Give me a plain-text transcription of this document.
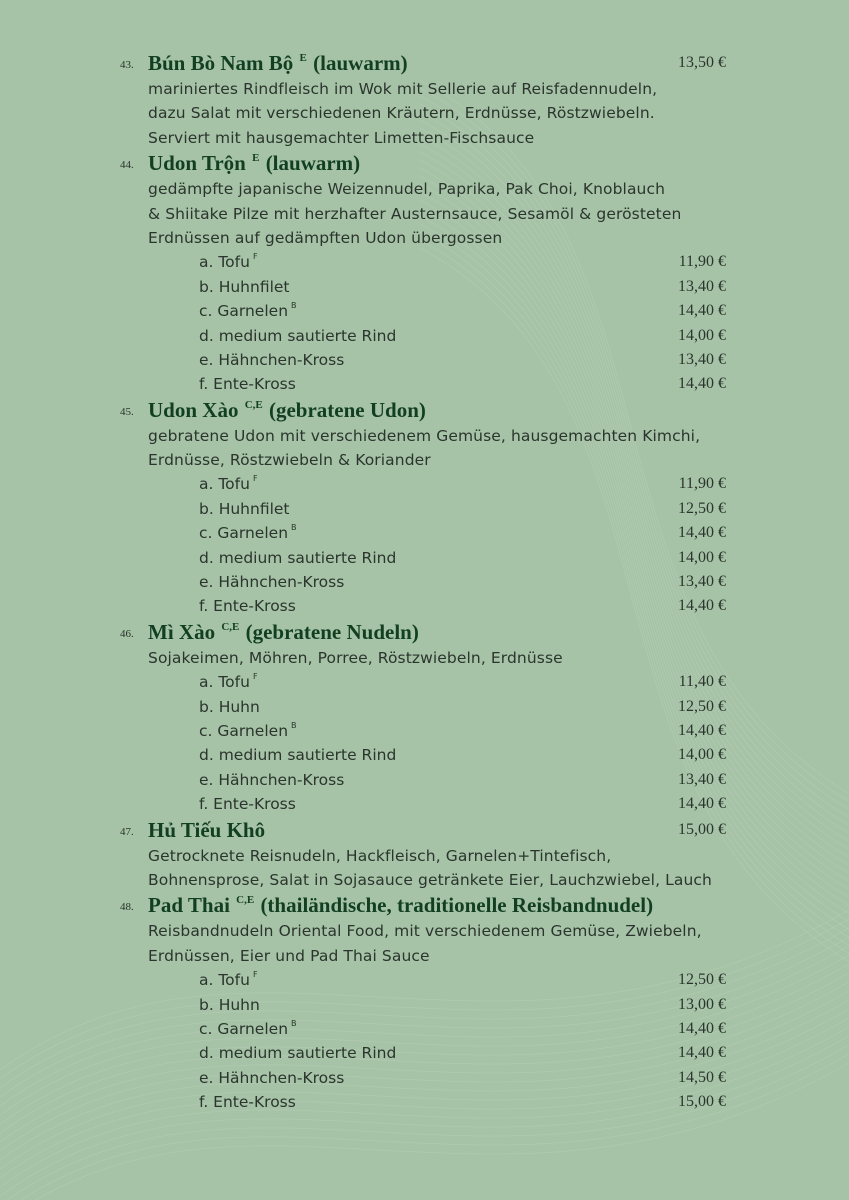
43. Bún Bò Nam Bộ $^E$ (lauwarm)	13,50 €
mariniertes Rindfleisch im Wok mit Sellerie auf Reisfadennudeln,
dazu Salat mit verschiedenen Kräutern, Erdnüsse, Röstzwiebeln.
Serviert mit hausgemachter Limetten-Fischsauce
44. Udon Trộn $^E$ (lauwarm)
gedämpfte japanische Weizennudel, Paprika, Pak Choi, Knoblauch
& Shiitake Pilze mit herzhafter Austernsauce, Sesamöl & gerösteten
Erdnüssen auf gedämpften Udon übergossen
a. Tofu $^F$	11,90 €
b. Huhnfilet	13,40 €
c. Garnelen $^B$	14,40 €
d. medium sautierte Rind	14,00 €
e. Hähnchen-Kross	13,40 €
f. Ente-Kross	14,40 €
45. Udon Xào $^{C,E}$ (gebratene Udon)
gebratene Udon mit verschiedenem Gemüse, hausgemachten Kimchi,
Erdnüsse, Röstzwiebeln & Koriander
a. Tofu $^F$	11,90 €
b. Huhnfilet	12,50 €
c. Garnelen $^B$	14,40 €
d. medium sautierte Rind	14,00 €
e. Hähnchen-Kross	13,40 €
f. Ente-Kross	14,40 €
46. Mì Xào $^{C,E}$ (gebratene Nudeln)
Sojakeimen, Möhren, Porree, Röstzwiebeln, Erdnüsse
a. Tofu $^F$	11,40 €
b. Huhn	12,50 €
c. Garnelen $^B$	14,40 €
d. medium sautierte Rind	14,00 €
e. Hähnchen-Kross	13,40 €
f. Ente-Kross	14,40 €
47. Hủ Tiếu Khô	15,00 €
Getrocknete Reisnudeln, Hackfleisch, Garnelen+Tintefisch,
Bohnensprose, Salat in Sojasauce getränkete Eier, Lauchzwiebel, Lauch
48. Pad Thai $^{C,E}$ (thailändische, traditionelle Reisbandnudel)
Reisbandnudeln Oriental Food, mit verschiedenem Gemüse, Zwiebeln,
Erdnüssen, Eier und Pad Thai Sauce
a. Tofu $^F$	12,50 €
b. Huhn	13,00 €
c. Garnelen $^B$	14,40 €
d. medium sautierte Rind	14,40 €
e. Hähnchen-Kross	14,50 €
f. Ente-Kross	15,00 €
